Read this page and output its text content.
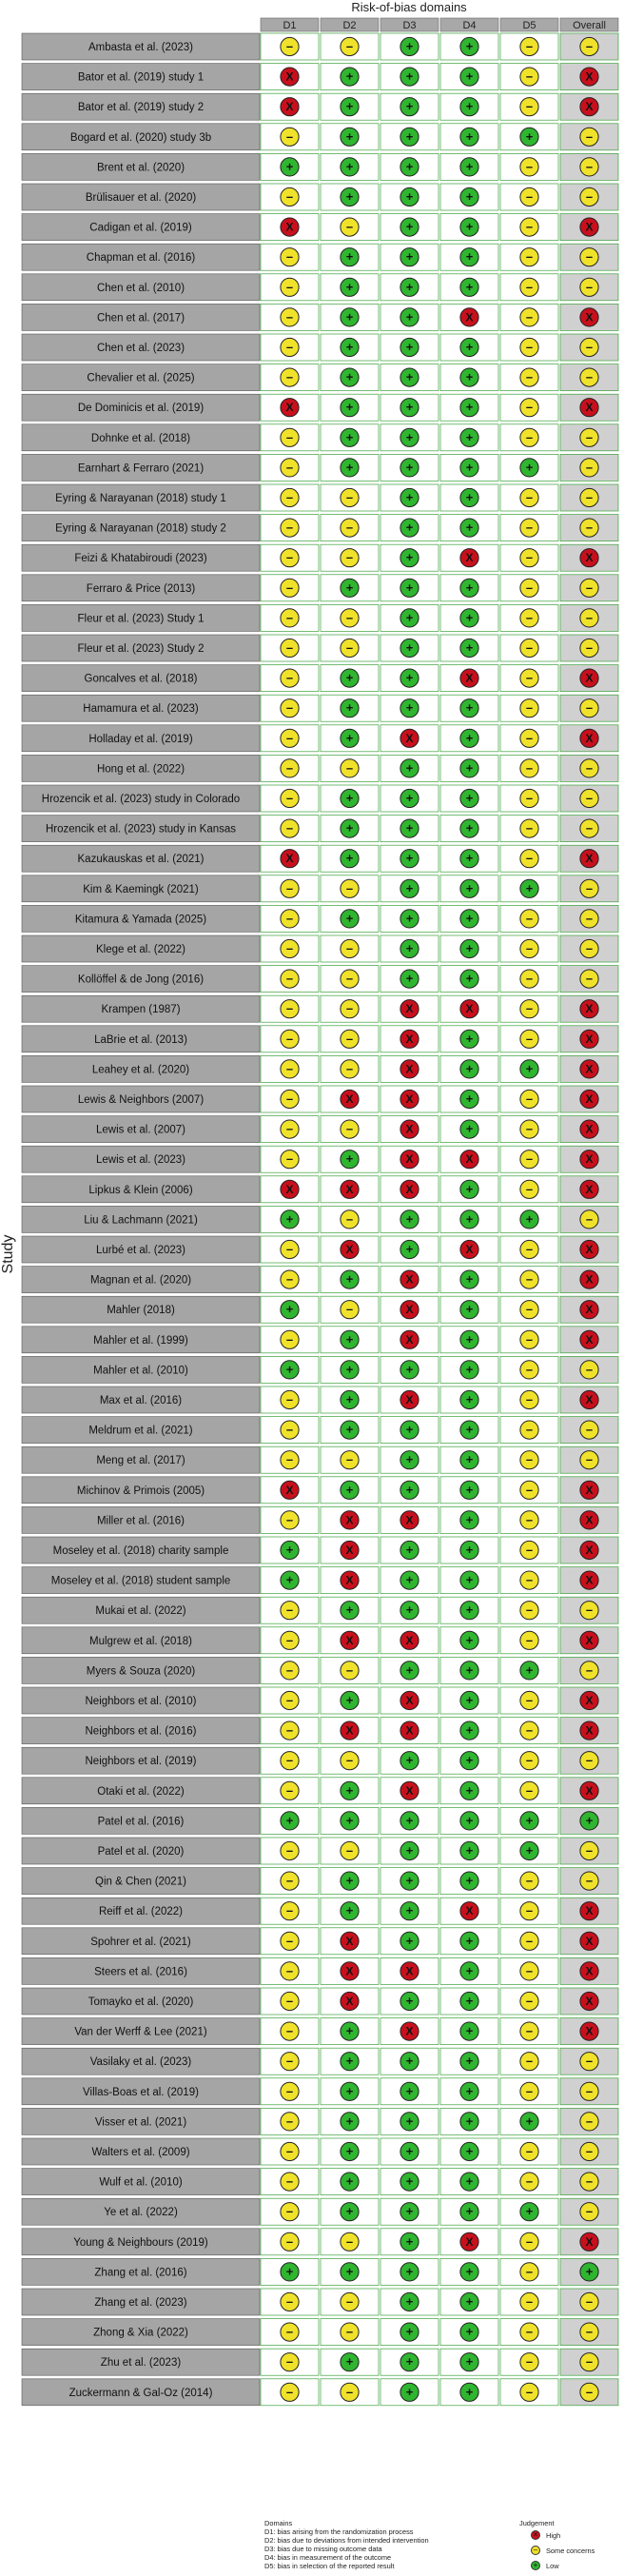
Risk-of-bias domains
Study
D1	D2	D3	D4	D5	Overall
Ambasta et al. (2023)	–	–	+	+	–	–
Bator et al. (2019) study 1	X	+	+	+	–	X
Bator et al. (2019) study 2	X	+	+	+	–	X
Bogard et al. (2020) study 3b	–	+	+	+	+	–
Brent et al. (2020)	+	+	+	+	–	–
Brülisauer et al. (2020)	–	+	+	+	–	–
Cadigan et al. (2019)	X	–	+	+	–	X
Chapman et al. (2016)	–	+	+	+	–	–
Chen et al. (2010)	–	+	+	+	–	–
Chen et al. (2017)	–	+	+	X	–	X
Chen et al. (2023)	–	+	+	+	–	–
Chevalier et al. (2025)	–	+	+	+	–	–
De Dominicis et al. (2019)	X	+	+	+	–	X
Dohnke et al. (2018)	–	+	+	+	–	–
Earnhart & Ferraro (2021)	–	+	+	+	+	–
Eyring & Narayanan (2018) study 1	–	–	+	+	–	–
Eyring & Narayanan (2018) study 2	–	–	+	+	–	–
Feizi & Khatabiroudi (2023)	–	–	+	X	–	X
Ferraro & Price (2013)	–	+	+	+	–	–
Fleur et al. (2023) Study 1	–	–	+	+	–	–
Fleur et al. (2023) Study 2	–	–	+	+	–	–
Goncalves et al. (2018)	–	+	+	X	–	X
Hamamura et al. (2023)	–	+	+	+	–	–
Holladay et al. (2019)	–	+	X	+	–	X
Hong et al. (2022)	–	–	+	+	–	–
Hrozencik et al. (2023) study in Colorado	–	+	+	+	–	–
Hrozencik et al. (2023) study in Kansas	–	+	+	+	–	–
Kazukauskas et al. (2021)	X	+	+	+	–	X
Kim & Kaemingk (2021)	–	–	+	+	+	–
Kitamura & Yamada (2025)	–	+	+	+	–	–
Klege et al. (2022)	–	–	+	+	–	–
Kollöffel & de Jong (2016)	–	–	+	+	–	–
Krampen (1987)	–	–	X	X	–	X
LaBrie et al. (2013)	–	–	X	+	–	X
Leahey et al. (2020)	–	–	X	+	+	X
Lewis & Neighbors (2007)	–	X	X	+	–	X
Lewis et al. (2007)	–	–	X	+	–	X
Lewis et al. (2023)	–	+	X	X	–	X
Lipkus & Klein (2006)	X	X	X	+	–	X
Liu & Lachmann (2021)	+	–	+	+	+	–
Lurbé et al. (2023)	–	X	+	X	–	X
Magnan et al. (2020)	–	+	X	+	–	X
Mahler (2018)	+	–	X	+	–	X
Mahler et al. (1999)	–	+	X	+	–	X
Mahler et al. (2010)	+	+	+	+	–	–
Max et al. (2016)	–	+	X	+	–	X
Meldrum et al. (2021)	–	+	+	+	–	–
Meng et al. (2017)	–	–	+	+	–	–
Michinov & Primois (2005)	X	+	+	+	–	X
Miller et al. (2016)	–	X	X	+	–	X
Moseley et al. (2018) charity sample	+	X	+	+	–	X
Moseley et al. (2018) student sample	+	X	+	+	–	X
Mukai et al. (2022)	–	+	+	+	–	–
Mulgrew et al. (2018)	–	X	X	+	–	X
Myers & Souza (2020)	–	–	+	+	+	–
Neighbors et al. (2010)	–	+	X	+	–	X
Neighbors et al. (2016)	–	X	X	+	–	X
Neighbors et al. (2019)	–	–	+	+	–	–
Otaki et al. (2022)	–	+	X	+	–	X
Patel et al. (2016)	+	+	+	+	+	+
Patel et al. (2020)	–	–	+	+	+	–
Qin & Chen (2021)	–	+	+	+	–	–
Reiff et al. (2022)	–	+	+	X	–	X
Spohrer et al. (2021)	–	X	+	+	–	X
Steers et al. (2016)	–	X	X	+	–	X
Tomayko et al. (2020)	–	X	+	+	–	X
Van der Werff & Lee (2021)	–	+	X	+	–	X
Vasilaky et al. (2023)	–	+	+	+	–	–
Villas-Boas et al. (2019)	–	+	+	+	–	–
Visser et al. (2021)	–	+	+	+	+	–
Walters et al. (2009)	–	+	+	+	–	–
Wulf et al. (2010)	–	+	+	+	–	–
Ye et al. (2022)	–	+	+	+	+	–
Young & Neighbours (2019)	–	–	+	X	–	X
Zhang et al. (2016)	+	+	+	+	–	+
Zhang et al. (2023)	–	–	+	+	–	–
Zhong & Xia (2022)	–	–	+	+	–	–
Zhu et al. (2023)	–	+	+	+	–	–
Zuckermann & Gal-Oz (2014)	–	–	+	+	–	–
Domains
D1: bias arising from the randomization process
D2: bias due to deviations from intended intervention
D3: bias due to missing outcome data
D4: bias in measurement of the outcome
D5: bias in selection of the reported result
Judgement
×	High
–	Some concerns
+	Low
